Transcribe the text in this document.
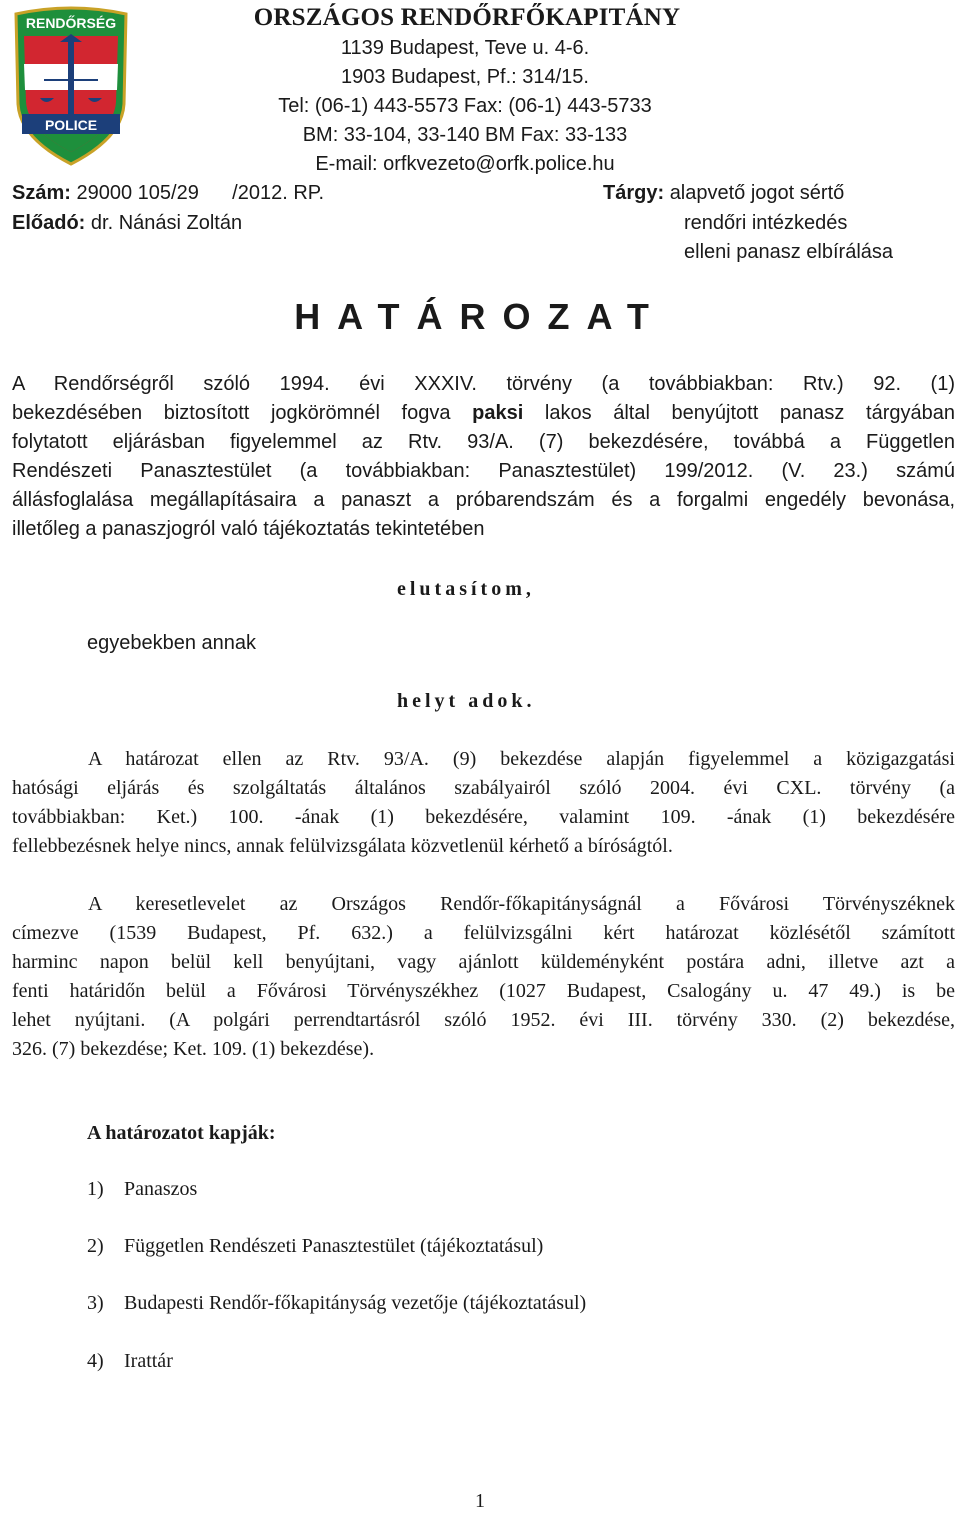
RENDŐRSÉG
POLICE
ORSZÁGOS RENDŐRFŐKAPITÁNY
1139 Budapest, Teve u. 4-6.
1903 Budapest, Pf.: 314/15.
Tel: (06-1) 443-5573 Fax: (06-1) 443-5733
BM: 33-104, 33-140 BM Fax: 33-133
E-mail: orfkvezeto@orfk.police.hu
Szám: 29000 105/29      /2012. RP.
Előadó: dr. Nánási Zoltán
Tárgy: alapvető jogot sértő
rendőri intézkedés
elleni panasz elbírálása
HATÁROZAT
A Rendőrségről szóló 1994. évi XXXIV. törvény (a továbbiakban: Rtv.) 92. (1)
bekezdésében biztosított jogkörömnél fogva paksi lakos által benyújtott panasz tárgyában
folytatott eljárásban figyelemmel az Rtv. 93/A. (7) bekezdésére, továbbá a Független
Rendészeti Panasztestület (a továbbiakban: Panasztestület) 199/2012. (V. 23.) számú
állásfoglalása megállapításaira a panaszt a próbarendszám és a forgalmi engedély bevonása,
illetőleg a panaszjogról való tájékoztatás tekintetében
elutasítom,
egyebekben annak
helyt adok.
A határozat ellen az Rtv. 93/A. (9) bekezdése alapján figyelemmel a közigazgatási
hatósági eljárás és szolgáltatás általános szabályairól szóló 2004. évi CXL. törvény (a
továbbiakban: Ket.) 100. -ának (1) bekezdésére, valamint 109. -ának (1) bekezdésére
fellebbezésnek helye nincs, annak felülvizsgálata közvetlenül kérhető a bíróságtól.
A keresetlevelet az Országos Rendőr-főkapitányságnál a Fővárosi Törvényszéknek
címezve (1539 Budapest, Pf. 632.) a felülvizsgálni kért határozat közlésétől számított
harminc napon belül kell benyújtani, vagy ajánlott küldeményként postára adni, illetve azt a
fenti határidőn belül a Fővárosi Törvényszékhez (1027 Budapest, Csalogány u. 47 49.) is be
lehet nyújtani. (A polgári perrendtartásról szóló 1952. évi III. törvény 330. (2) bekezdése,
326. (7) bekezdése; Ket. 109. (1) bekezdése).
A határozatot kapják:
1) Panaszos
2) Független Rendészeti Panasztestület (tájékoztatásul)
3) Budapesti Rendőr-főkapitányság vezetője (tájékoztatásul)
4) Irattár
1
